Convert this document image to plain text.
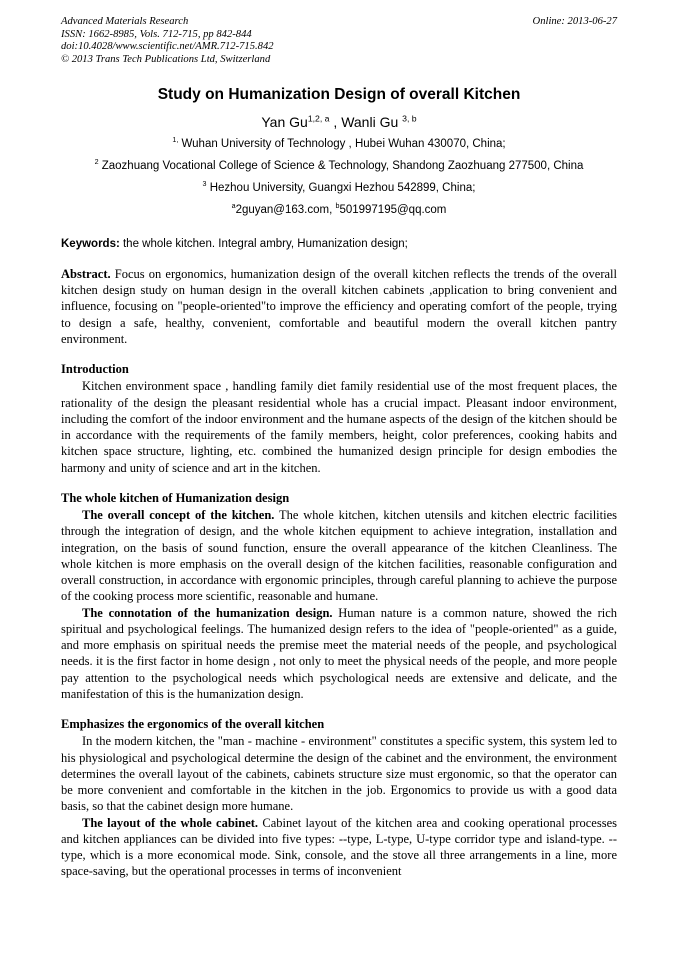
Advanced Materials Research
ISSN: 1662-8985, Vols. 712-715, pp 842-844
doi:10.4028/www.scientific.net/AMR.712-715.842
© 2013 Trans Tech Publications Ltd, Switzerland
Online: 2013-06-27
Study on Humanization Design of overall Kitchen
Yan Gu$^{1,2, a}$ , Wanli Gu $^{3, b}$
$^{1,}$ Wuhan University of Technology , Hubei Wuhan 430070, China;
$^2$ Zaozhuang Vocational College of Science & Technology, Shandong Zaozhuang 277500, China
$^3$ Hezhou University, Guangxi Hezhou 542899, China;
$^a$2guyan@163.com, $^b$501997195@qq.com

Keywords: the whole kitchen. Integral ambry, Humanization design;

Abstract. Focus on ergonomics, humanization design of the overall kitchen reflects the trends of the overall kitchen design study on human design in the overall kitchen cabinets ,application to bring convenient and influence, focusing on "people-oriented"to improve the efficiency and operating comfort of the people, trying to design a safe, healthy, convenient, comfortable and beautiful modern the overall kitchen pantry environment.

Introduction

Kitchen environment space , handling family diet family residential use of the most frequent places, the rationality of the design the pleasant residential whole has a crucial impact. Pleasant indoor environment, including the comfort of the indoor environment and the humane aspects of the design of the kitchen should be in accordance with the requirements of the family members, height, color preferences, cooking habits and kitchen space structure, lighting, etc. combined the humanized design principle for design embodies the harmony and unity of science and art in the kitchen.

The whole kitchen of Humanization design

The overall concept of the kitchen. The whole kitchen, kitchen utensils and kitchen electric facilities through the integration of design, and the whole kitchen equipment to achieve integration, installation and integration, on the basis of sound function, ensure the overall appearance of the kitchen Cleanliness. The whole kitchen is more emphasis on the overall design of the kitchen facilities, reasonable configuration and overall construction, in accordance with ergonomic principles, through careful planning to achieve the purpose of the cooking process more scientific, reasonable and humane.

The connotation of the humanization design. Human nature is a common nature, showed the rich spiritual and psychological feelings. The humanized design refers to the idea of "people-oriented" as a guide, and more emphasis on spiritual needs the premise meet the material needs of the people, and psychological needs. it is the first factor in home design , not only to meet the physical needs of the people, and more people pay attention to the psychological needs which psychological needs are extensive and delicate, and the manifestation of this is the humanization design.

Emphasizes the ergonomics of the overall kitchen

In the modern kitchen, the "man - machine - environment" constitutes a specific system, this system led to his physiological and psychological determine the design of the cabinet and the environment, the environment determines the overall layout of the cabinets, cabinets structure size must ergonomic, so that the operator can be more convenient and comfortable in the kitchen in the job. Ergonomics to provide us with a good data basis, so that the cabinet design more humane.

The layout of the whole cabinet. Cabinet layout of the kitchen area and cooking operational processes and kitchen appliances can be divided into five types: --type, L-type, U-type corridor type and island-type. --type, which is a more economical mode. Sink, console, and the stove all three arrangements in a line, more space-saving, but the operational processes in terms of inconvenient
